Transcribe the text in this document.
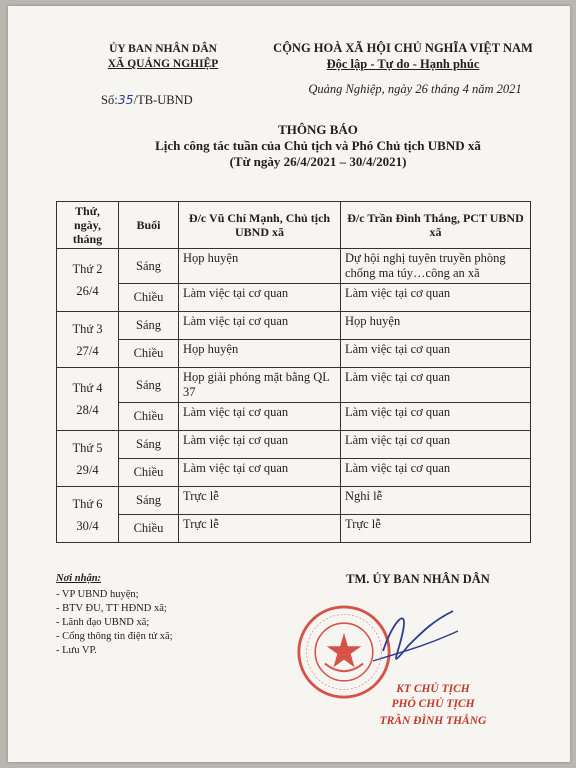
ỦY BAN NHÂN DÂN
XÃ QUẢNG NGHIỆP
CỘNG HOÀ XÃ HỘI CHỦ NGHĨA VIỆT NAM
Độc lập - Tự do - Hạnh phúc
Số:35/TB-UBND
Quảng Nghiệp, ngày 26 tháng 4 năm 2021
THÔNG BÁO
Lịch công tác tuần của Chủ tịch và Phó Chủ tịch UBND xã
(Từ ngày 26/4/2021 – 30/4/2021)
Thứ, ngày, tháng	Buổi	Đ/c Vũ Chí Mạnh, Chủ tịch UBND xã	Đ/c Trần Đình Thắng, PCT UBND xã

Thứ 2
26/4	Sáng	Họp huyện	Dự hội nghị tuyên truyền phòng chống ma túy…công an xã
	Chiều	Làm việc tại cơ quan	Làm việc tại cơ quan

Thứ 3
27/4	Sáng	Làm việc tại cơ quan	Họp huyện
	Chiều	Họp huyện	Làm việc tại cơ quan

Thứ 4
28/4	Sáng	Họp giải phóng mặt bằng QL 37	Làm việc tại cơ quan
	Chiều	Làm việc tại cơ quan	Làm việc tại cơ quan

Thứ 5
29/4	Sáng	Làm việc tại cơ quan	Làm việc tại cơ quan
	Chiều	Làm việc tại cơ quan	Làm việc tại cơ quan

Thứ 6
30/4	Sáng	Trực lễ	Nghỉ lễ
	Chiều	Trực lễ	Trực lễ
Nơi nhận:
- VP UBND huyện;
- BTV ĐU, TT HĐND xã;
- Lãnh đạo UBND xã;
- Cổng thông tin điện tử xã;
- Lưu VP.
TM. ỦY BAN NHÂN DÂN
KT CHỦ TỊCH
PHÓ CHỦ TỊCH
TRẦN ĐÌNH THẮNG
